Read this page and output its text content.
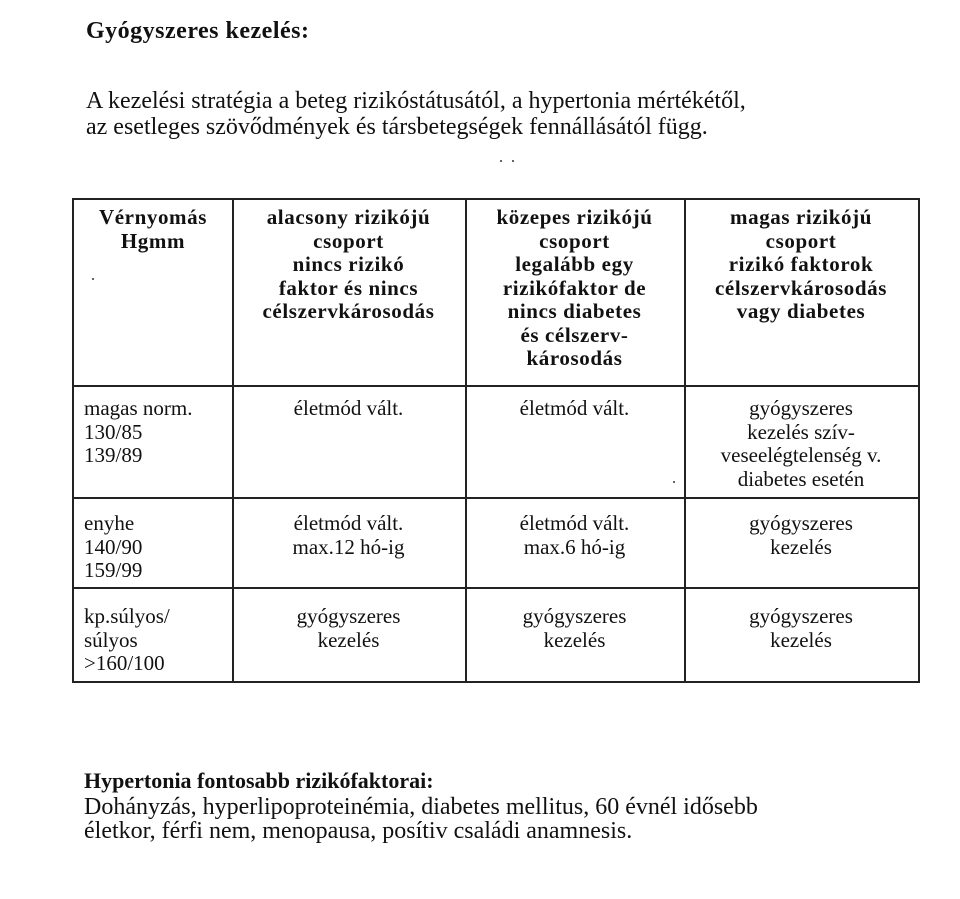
Gyógyszeres kezelés:

A kezelési stratégia a beteg rizikóstátusától, a hypertonia mértékétől,

az esetleges szövődmények és társbetegségek fennállásától függ.

Vérnyomás
Hgmm
alacsony rizikójú
csoport
nincs rizikó
faktor és nincs
célszervkárosodás
közepes rizikójú
csoport
legalább egy
rizikófaktor de
nincs diabetes
és célszerv-
károsodás
magas rizikójú
csoport
rizikó faktorok
célszervkárosodás
vagy diabetes
magas norm.
130/85
139/89
életmód vált.	életmód vált.	gyógyszeres
kezelés szív-
veseelégtelenség v.
diabetes esetén
enyhe
140/90
159/99
életmód vált.
max.12 hó-ig
életmód vált.
max.6 hó-ig
gyógyszeres
kezelés
kp.súlyos/
súlyos
>160/100
gyógyszeres
kezelés
gyógyszeres
kezelés
gyógyszeres
kezelés
Hypertonia fontosabb rizikófaktorai:

Dohányzás, hyperlipoproteinémia, diabetes mellitus, 60 évnél idősebb

életkor, férfi nem, menopausa, posítiv családi anamnesis.
